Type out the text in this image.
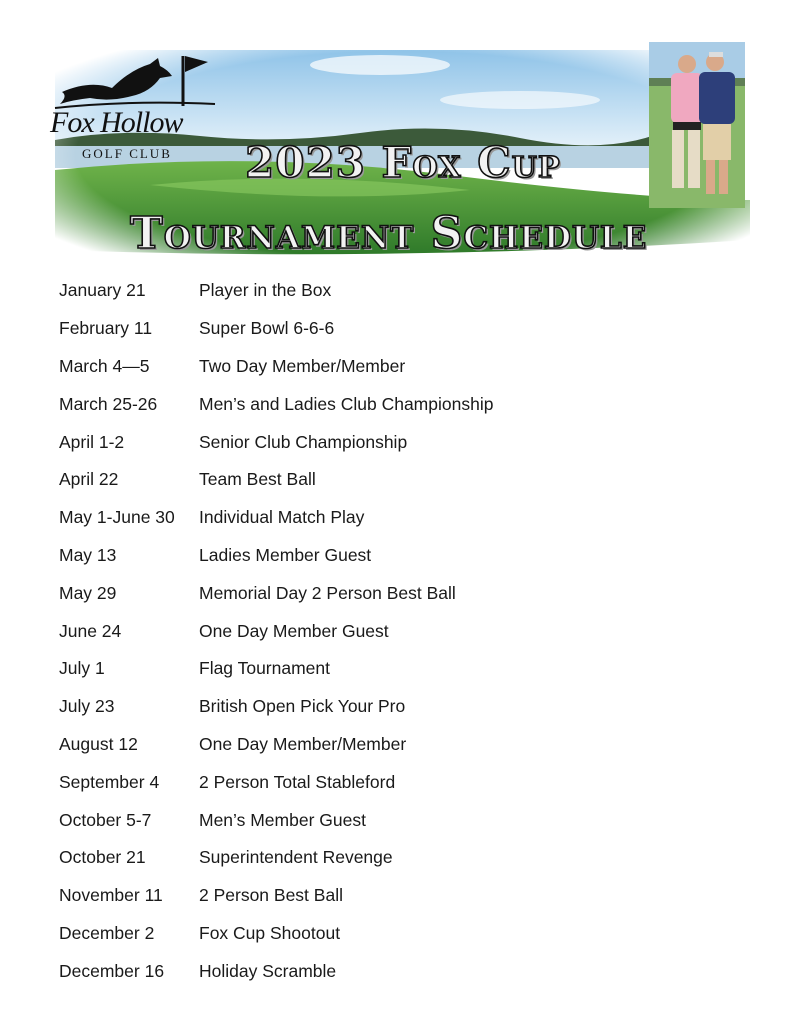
Fox Hollow
GOLF CLUB	2023 Fox Cup
Tournament Schedule
January 21	Player in the Box
February 11	Super Bowl 6-6-6
March 4—5	Two Day Member/Member
March 25-26	Men’s and Ladies Club Championship
April 1-2	Senior Club Championship
April 22	Team Best Ball
May 1-June 30	Individual Match Play
May 13	Ladies Member Guest
May 29	Memorial Day 2 Person Best Ball
June 24	One Day Member Guest
July 1	Flag Tournament
July 23	British Open Pick Your Pro
August 12	One Day Member/Member
September 4	2 Person Total Stableford
October 5-7	Men’s Member Guest
October 21	Superintendent Revenge
November 11	2 Person Best Ball
December 2	Fox Cup Shootout
December 16	Holiday Scramble
